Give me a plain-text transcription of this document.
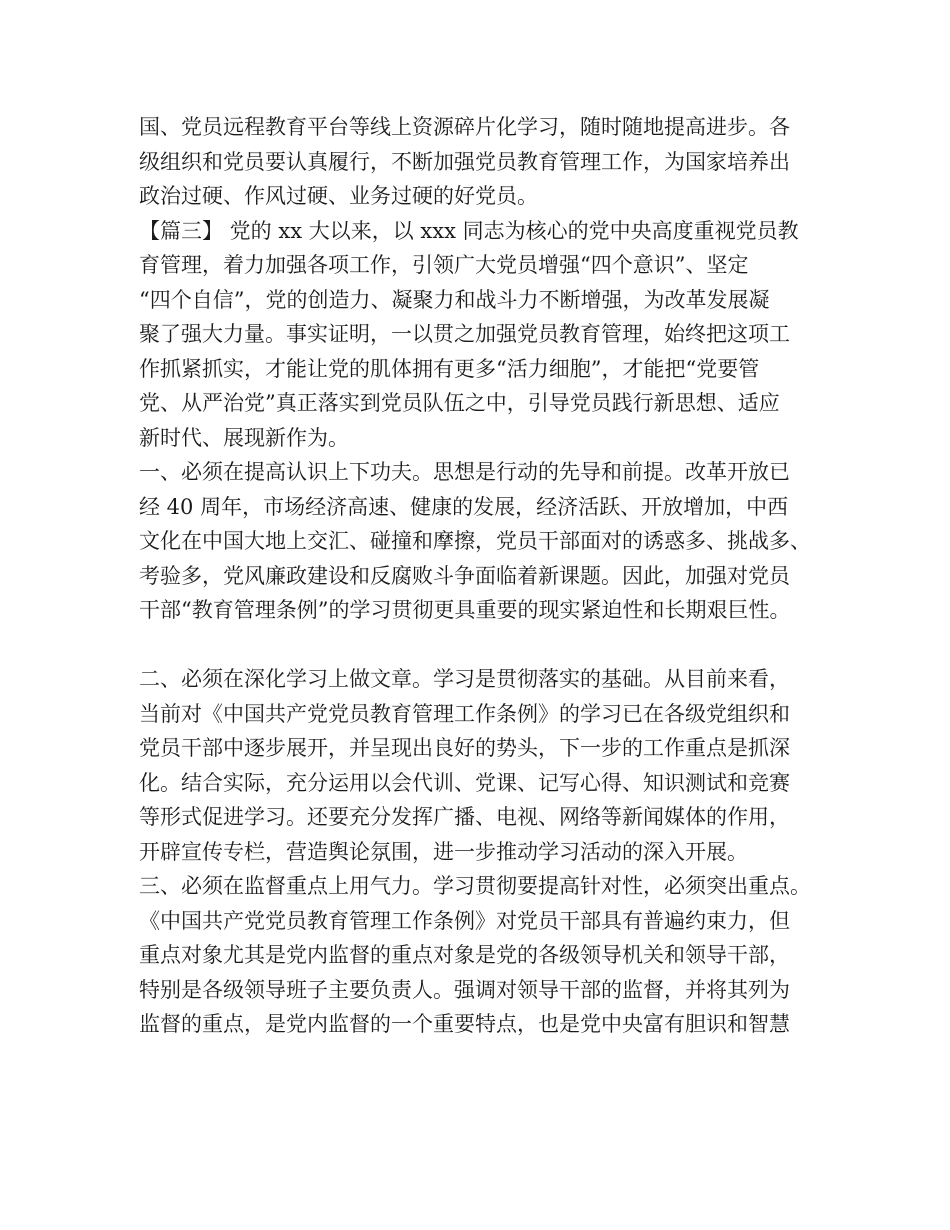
国、党员远程教育平台等线上资源碎片化学习，随时随地提高进步。各
级组织和党员要认真履行，不断加强党员教育管理工作，为国家培养出
政治过硬、作风过硬、业务过硬的好党员。
【篇三】 党的 xx 大以来，以 xxx 同志为核心的党中央高度重视党员教
育管理，着力加强各项工作，引领广大党员增强“四个意识”、坚定
“四个自信”，党的创造力、凝聚力和战斗力不断增强，为改革发展凝
聚了强大力量。事实证明，一以贯之加强党员教育管理，始终把这项工
作抓紧抓实，才能让党的肌体拥有更多“活力细胞”，才能把“党要管
党、从严治党”真正落实到党员队伍之中，引导党员践行新思想、适应
新时代、展现新作为。
一、必须在提高认识上下功夫。思想是行动的先导和前提。改革开放已
经 40 周年，市场经济高速、健康的发展，经济活跃、开放增加，中西
文化在中国大地上交汇、碰撞和摩擦，党员干部面对的诱惑多、挑战多、
考验多，党风廉政建设和反腐败斗争面临着新课题。因此，加强对党员
干部“教育管理条例”的学习贯彻更具重要的现实紧迫性和长期艰巨性。
二、必须在深化学习上做文章。学习是贯彻落实的基础。从目前来看，
当前对《中国共产党党员教育管理工作条例》的学习已在各级党组织和
党员干部中逐步展开，并呈现出良好的势头，下一步的工作重点是抓深
化。结合实际，充分运用以会代训、党课、记写心得、知识测试和竞赛
等形式促进学习。还要充分发挥广播、电视、网络等新闻媒体的作用，
开辟宣传专栏，营造舆论氛围，进一步推动学习活动的深入开展。
三、必须在监督重点上用气力。学习贯彻要提高针对性，必须突出重点。
《中国共产党党员教育管理工作条例》对党员干部具有普遍约束力，但
重点对象尤其是党内监督的重点对象是党的各级领导机关和领导干部，
特别是各级领导班子主要负责人。强调对领导干部的监督，并将其列为
监督的重点，是党内监督的一个重要特点，也是党中央富有胆识和智慧
